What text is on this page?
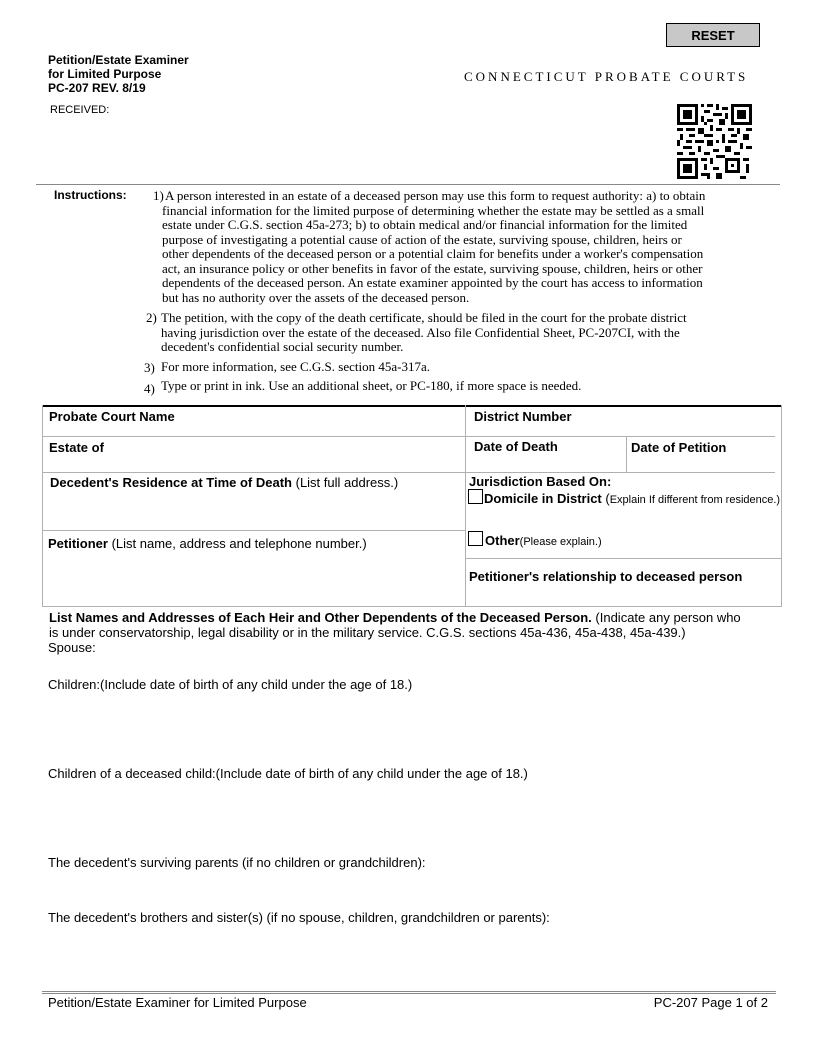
RESET
Petition/Estate Examiner
for Limited Purpose
PC-207 REV. 8/19
CONNECTICUT PROBATE COURTS
RECEIVED:
Instructions: 1) A person interested in an estate of a deceased person may use this form to request authority: a) to obtain
financial information for the limited purpose of determining whether the estate may be settled as a small
estate under C.G.S. section 45a-273; b) to obtain medical and/or financial information for the limited
purpose of investigating a potential cause of action of the estate, surviving spouse, children, heirs or
other dependents of the deceased person or a potential claim for benefits under a worker's compensation
act, an insurance policy or other benefits in favor of the estate, surviving spouse, children, heirs or other
dependents of the deceased person. An estate examiner appointed by the court has access to information
but has no authority over the assets of the deceased person.
2) The petition, with the copy of the death certificate, should be filed in the court for the probate district
having jurisdiction over the estate of the deceased. Also file Confidential Sheet, PC-207CI, with the
decedent's confidential social security number.
3) For more information, see C.G.S. section 45a-317a.
4) Type or print in ink. Use an additional sheet, or PC-180, if more space is needed.
Probate Court Name	District Number
Estate of	Date of Death	Date of Petition
Decedent's Residence at Time of Death (List full address.)	Jurisdiction Based On:
Domicile in District (Explain If different from residence.)
Petitioner (List name, address and telephone number.)	Other(Please explain.)
Petitioner's relationship to deceased person
List Names and Addresses of Each Heir and Other Dependents of the Deceased Person. (Indicate any person who
is under conservatorship, legal disability or in the military service. C.G.S. sections 45a-436, 45a-438, 45a-439.)
Spouse:
Children:(Include date of birth of any child under the age of 18.)
Children of a deceased child:(Include date of birth of any child under the age of 18.)
The decedent's surviving parents (if no children or grandchildren):
The decedent's brothers and sister(s) (if no spouse, children, grandchildren or parents):
Petition/Estate Examiner for Limited Purpose	PC-207 Page 1 of 2
